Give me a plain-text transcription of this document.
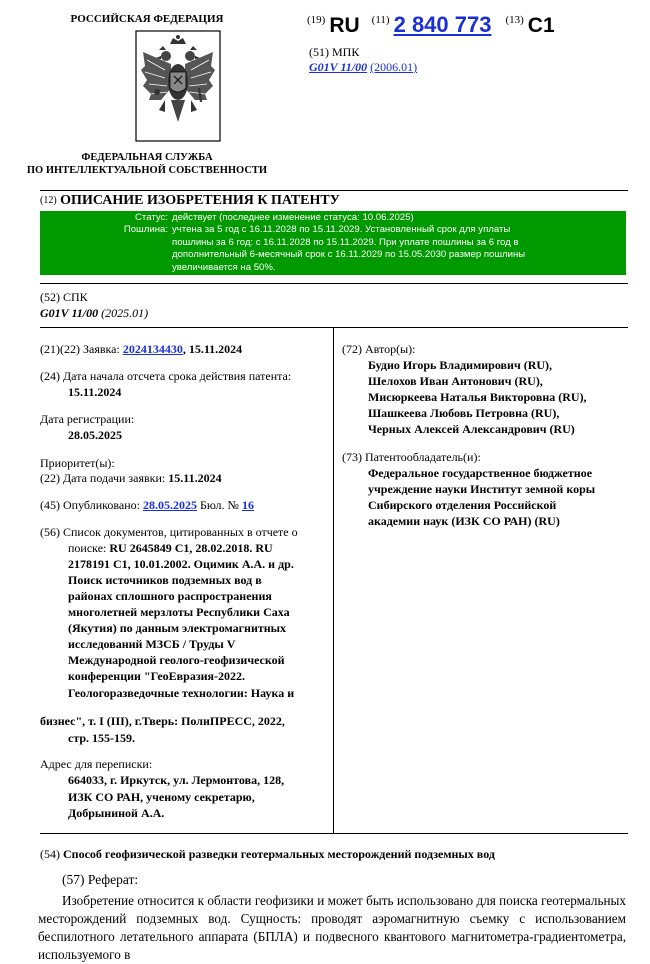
РОССИЙСКАЯ ФЕДЕРАЦИЯ
ФЕДЕРАЛЬНАЯ СЛУЖБА
ПО ИНТЕЛЛЕКТУАЛЬНОЙ СОБСТВЕННОСТИ
$^{(19)}$ RU $^{(11)}$ 2 840 773 $^{(13)}$ C1
(51) МПК
G01V 11/00 (2006.01)
$^{(12)}$ ОПИСАНИЕ ИЗОБРЕТЕНИЯ К ПАТЕНТУ
Статус: действует (последнее изменение статуса: 10.06.2025)
Пошлина: учтена за 5 год с 16.11.2028 по 15.11.2029. Установленный срок для уплаты
пошлины за 6 год: с 16.11.2028 по 15.11.2029. При уплате пошлины за 6 год в
дополнительный 6-месячный срок с 16.11.2029 по 15.05.2030 размер пошлины
увеличивается на 50%.
(52) СПК
G01V 11/00 (2025.01)
(21)(22) Заявка: 2024134430, 15.11.2024
(24) Дата начала отсчета срока действия патента:
15.11.2024
Дата регистрации:
28.05.2025
Приоритет(ы):
(22) Дата подачи заявки: 15.11.2024
(45) Опубликовано: 28.05.2025 Бюл. № 16
(56) Список документов, цитированных в отчете о
поиске: RU 2645849 C1, 28.02.2018. RU
2178191 C1, 10.01.2002. Оцимик А.А. и др.
Поиск источников подземных вод в
районах сплошного распространения
многолетней мерзлоты Республики Саха
(Якутия) по данным электромагнитных
исследований МЗСБ / Труды V
Международной геолого-геофизической
конференции "ГеоЕвразия-2022.
Геологоразведочные технологии: Наука и
бизнес", т. I (III), г.Тверь: ПолиПРЕСС, 2022,
стр. 155-159.
Адрес для переписки:
664033, г. Иркутск, ул. Лермонтова, 128,
ИЗК СО РАН, ученому секретарю,
Добрыниной А.А.
(72) Автор(ы):
Будио Игорь Владимирович (RU),
Шелохов Иван Антонович (RU),
Мисюркеева Наталья Викторовна (RU),
Шашкеева Любовь Петровна (RU),
Черных Алексей Александрович (RU)
(73) Патентообладатель(и):
Федеральное государственное бюджетное
учреждение науки Институт земной коры
Сибирского отделения Российской
академии наук (ИЗК СО РАН) (RU)
(54) Способ геофизической разведки геотермальных месторождений подземных вод
(57) Реферат:
Изобретение относится к области геофизики и может быть использовано для поиска геотермальных месторождений подземных вод. Сущность: проводят аэромагнитную съемку с использованием беспилотного летательного аппарата (БПЛА) и подвесного квантового магнитометра-градиентометра, используемого в
